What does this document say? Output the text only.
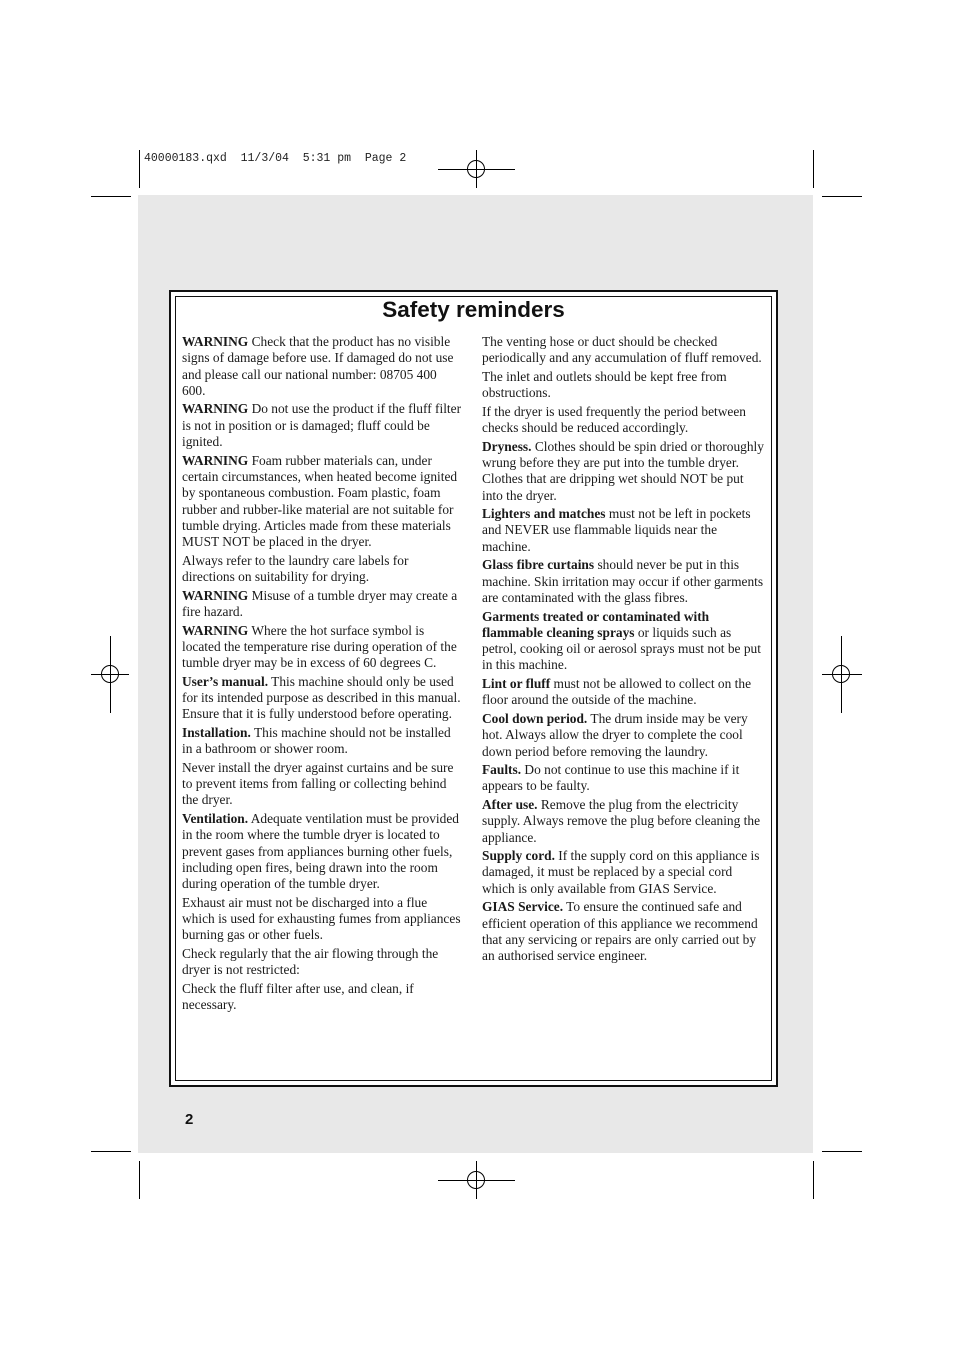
40000183.qxd  11/3/04  5:31 pm  Page 2
Safety reminders

WARNING Check that the product has no visible signs of damage before use. If damaged do not use and please call our national number: 08705 400 600.

WARNING Do not use the product if the fluff filter is not in position or is damaged; fluff could be ignited.

WARNING Foam rubber materials can, under certain circumstances, when heated become ignited by spontaneous combustion. Foam plastic, foam rubber and rubber-like material are not suitable for tumble drying. Articles made from these materials MUST NOT be placed in the dryer.

Always refer to the laundry care labels for directions on suitability for drying.

WARNING Misuse of a tumble dryer may create a fire hazard.

WARNING Where the hot surface symbol is located the temperature rise during operation of the tumble dryer may be in excess of 60 degrees C.

User’s manual. This machine should only be used for its intended purpose as described in this manual. Ensure that it is fully understood before operating.

Installation. This machine should not be installed in a bathroom or shower room.

Never install the dryer against curtains and be sure to prevent items from falling or collecting behind the dryer.

Ventilation. Adequate ventilation must be provided in the room where the tumble dryer is located to prevent gases from appliances burning other fuels, including open fires, being drawn into the room during operation of the tumble dryer.

Exhaust air must not be discharged into a flue which is used for exhausting fumes from appliances burning gas or other fuels.

Check regularly that the air flowing through the dryer is not restricted:

Check the fluff filter after use, and clean, if necessary.

The venting hose or duct should be checked periodically and any accumulation of fluff removed.

The inlet and outlets should be kept free from obstructions.

If the dryer is used frequently the period between checks should be reduced accordingly.

Dryness. Clothes should be spin dried or thoroughly wrung before they are put into the tumble dryer. Clothes that are dripping wet should NOT be put into the dryer.

Lighters and matches must not be left in pockets and NEVER use flammable liquids near the machine.

Glass fibre curtains should never be put in this machine. Skin irritation may occur if other garments are contaminated with the glass fibres.

Garments treated or contaminated with flammable cleaning sprays or liquids such as petrol, cooking oil or aerosol sprays must not be put in this machine.

Lint or fluff must not be allowed to collect on the floor around the outside of the machine.

Cool down period. The drum inside may be very hot. Always allow the dryer to complete the cool down period before removing the laundry.

Faults. Do not continue to use this machine if it appears to be faulty.

After use. Remove the plug from the electricity supply. Always remove the plug before cleaning the appliance.

Supply cord. If the supply cord on this appliance is damaged, it must be replaced by a special cord which is only available from GIAS Service.

GIAS Service. To ensure the continued safe and efficient operation of this appliance we recommend that any servicing or repairs are only carried out by an authorised service engineer.

2
